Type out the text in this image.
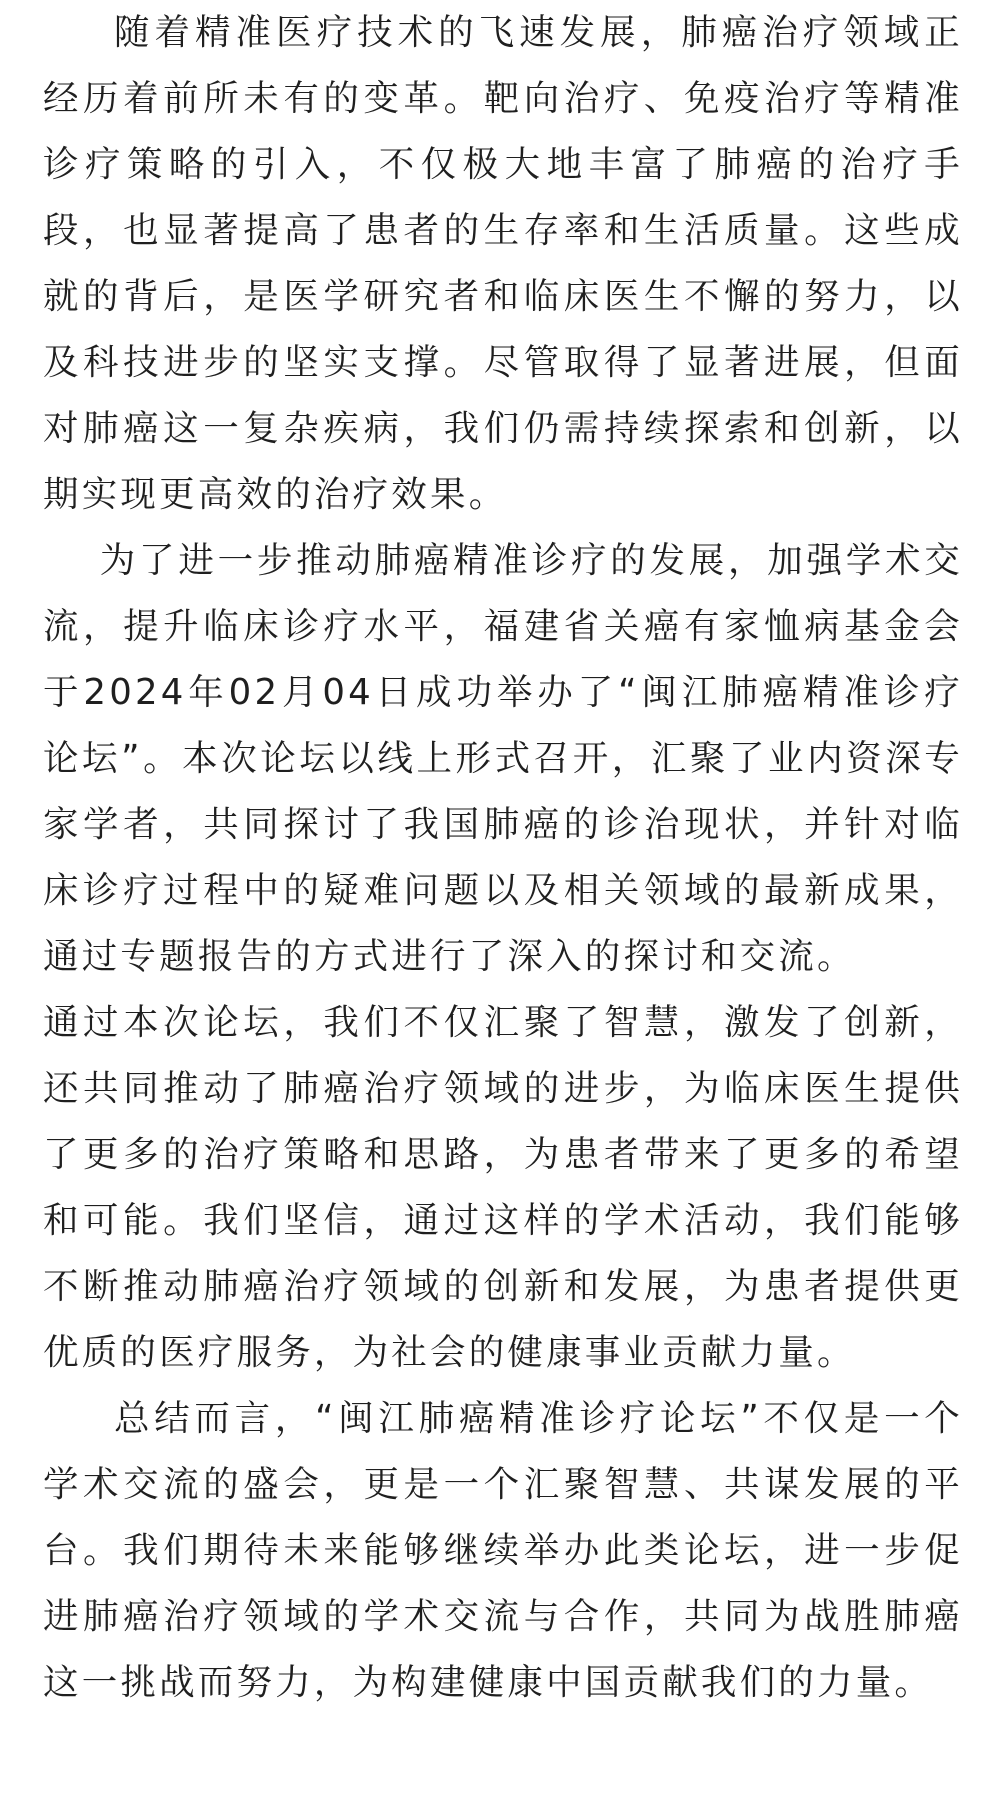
随着精准医疗技术的飞速发展，肺癌治疗领域正经历着前所未有的变革。靶向治疗、免疫治疗等精准诊疗策略的引入，不仅极大地丰富了肺癌的治疗手段，也显著提高了患者的生存率和生活质量。这些成就的背后，是医学研究者和临床医生不懈的努力，以及科技进步的坚实支撑。尽管取得了显著进展，但面对肺癌这一复杂疾病，我们仍需持续探索和创新，以期实现更高效的治疗效果。

为了进一步推动肺癌精准诊疗的发展，加强学术交流，提升临床诊疗水平，福建省关癌有家恤病基金会于2024年02月04日成功举办了“闽江肺癌精准诊疗论坛”。本次论坛以线上形式召开，汇聚了业内资深专家学者，共同探讨了我国肺癌的诊治现状，并针对临床诊疗过程中的疑难问题以及相关领域的最新成果，通过专题报告的方式进行了深入的探讨和交流。

通过本次论坛，我们不仅汇聚了智慧，激发了创新，还共同推动了肺癌治疗领域的进步，为临床医生提供了更多的治疗策略和思路，为患者带来了更多的希望和可能。我们坚信，通过这样的学术活动，我们能够不断推动肺癌治疗领域的创新和发展，为患者提供更优质的医疗服务，为社会的健康事业贡献力量。

总结而言，“闽江肺癌精准诊疗论坛”不仅是一个学术交流的盛会，更是一个汇聚智慧、共谋发展的平台。我们期待未来能够继续举办此类论坛，进一步促进肺癌治疗领域的学术交流与合作，共同为战胜肺癌这一挑战而努力，为构建健康中国贡献我们的力量。
